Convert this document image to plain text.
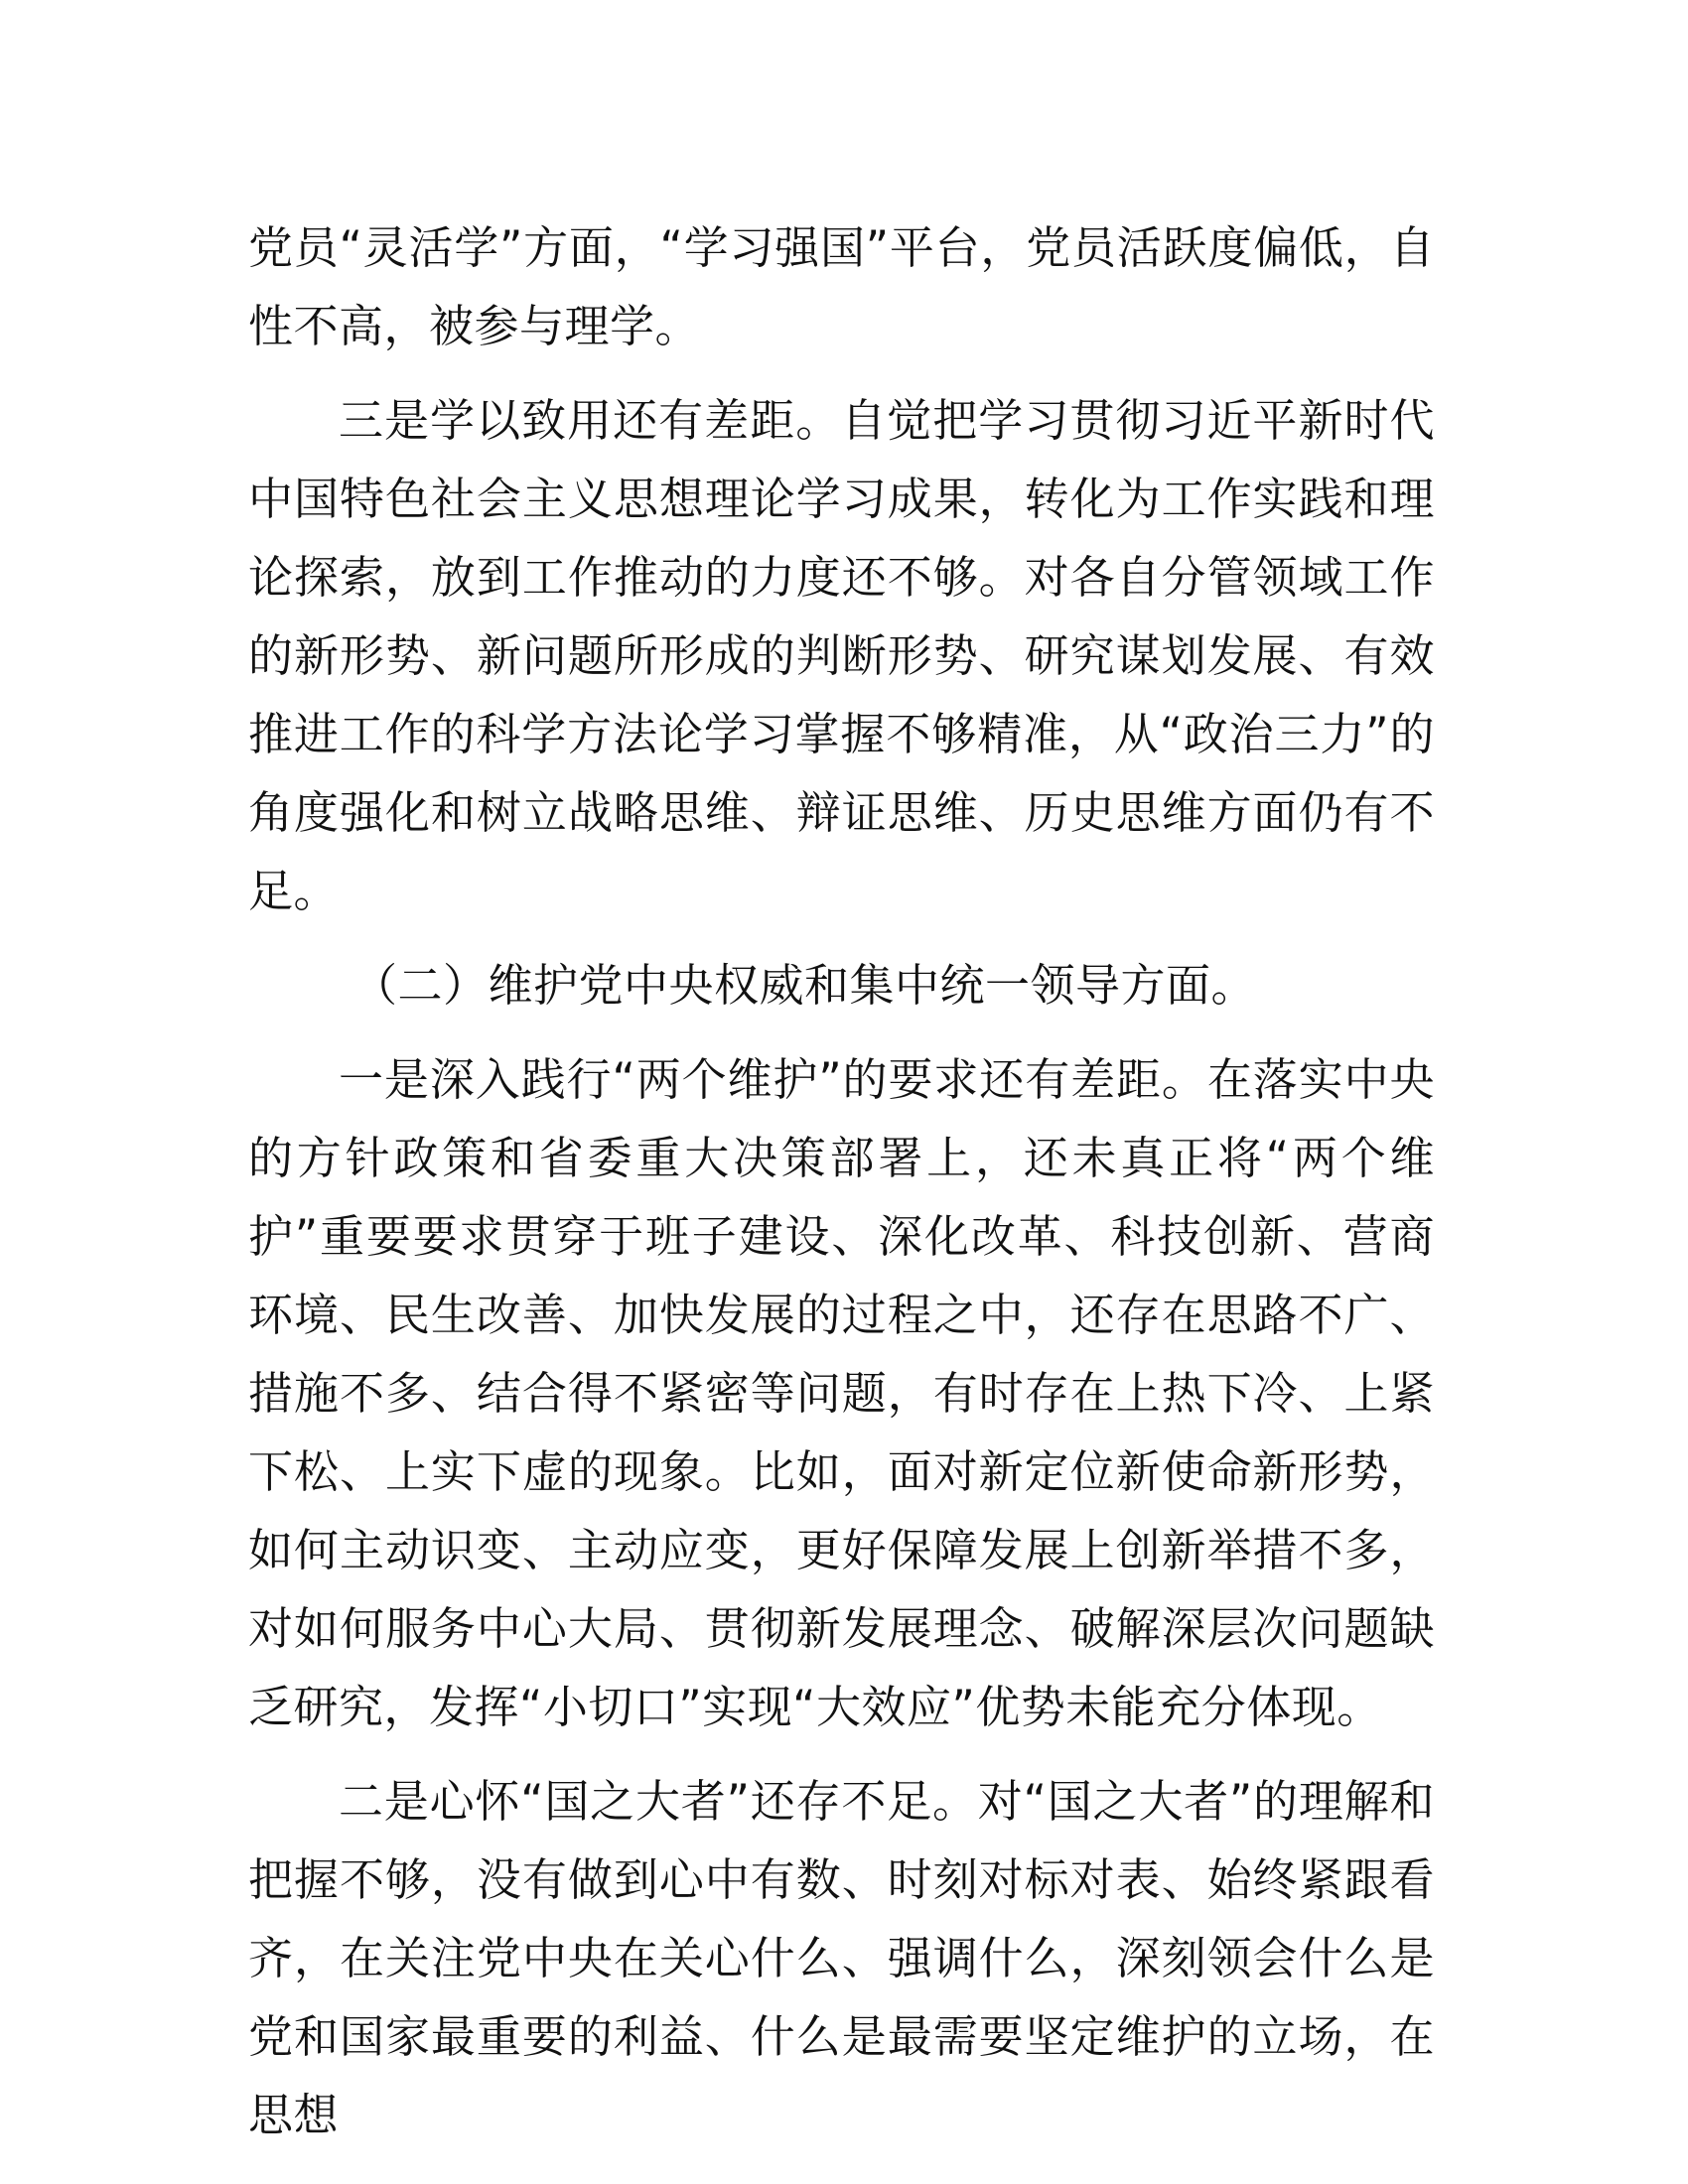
党员“灵活学”方面，“学习强国”平台，党员活跃度偏低，自性不高，被参与理学。

三是学以致用还有差距。自觉把学习贯彻习近平新时代中国特色社会主义思想理论学习成果，转化为工作实践和理论探索，放到工作推动的力度还不够。对各自分管领域工作的新形势、新问题所形成的判断形势、研究谋划发展、有效推进工作的科学方法论学习掌握不够精准，从“政治三力”的角度强化和树立战略思维、辩证思维、历史思维方面仍有不足。

（二）维护党中央权威和集中统一领导方面。

一是深入践行“两个维护”的要求还有差距。在落实中央的方针政策和省委重大决策部署上，还未真正将“两个维护”重要要求贯穿于班子建设、深化改革、科技创新、营商环境、民生改善、加快发展的过程之中，还存在思路不广、措施不多、结合得不紧密等问题，有时存在上热下冷、上紧下松、上实下虚的现象。比如，面对新定位新使命新形势，如何主动识变、主动应变，更好保障发展上创新举措不多，对如何服务中心大局、贯彻新发展理念、破解深层次问题缺乏研究，发挥“小切口”实现“大效应”优势未能充分体现。

二是心怀“国之大者”还存不足。对“国之大者”的理解和把握不够，没有做到心中有数、时刻对标对表、始终紧跟看齐，在关注党中央在关心什么、强调什么，深刻领会什么是党和国家最重要的利益、什么是最需要坚定维护的立场，在思想
